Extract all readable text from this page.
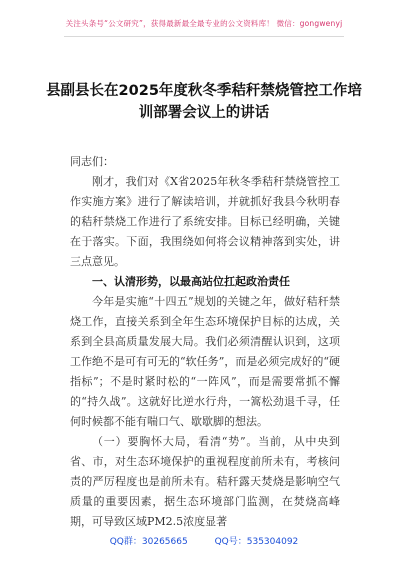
关注头条号“公文研究”，获得最新最全最专业的公文资料库！ 微信：gongwenyj
县副县长在2025年度秋冬季秸秆禁烧管控工作培
训部署会议上的讲话

同志们：

刚才，我们对《X省2025年秋冬季秸秆禁烧管控工作实施方案》进行了解读培训，并就抓好我县今秋明春的秸秆禁烧工作进行了系统安排。目标已经明确，关键在于落实。下面，我围绕如何将会议精神落到实处，讲三点意见。

一、认清形势，以最高站位扛起政治责任

今年是实施“十四五”规划的关键之年，做好秸秆禁烧工作，直接关系到全年生态环境保护目标的达成，关系到全县高质量发展大局。我们必须清醒认识到，这项工作绝不是可有可无的“软任务”，而是必须完成好的“硬指标”；不是时紧时松的“一阵风”，而是需要常抓不懈的“持久战”。这就好比逆水行舟，一篙松劲退千寻，任何时候都不能有喘口气、歇歇脚的想法。

（一）要胸怀大局，看清“势”。当前，从中央到省、市，对生态环境保护的重视程度前所未有，考核问责的严厉程度也是前所未有。秸秆露天焚烧是影响空气质量的重要因素，据生态环境部门监测，在焚烧高峰期，可导致区域PM2.5浓度显著

QQ群：30265665	QQ号：535304092
